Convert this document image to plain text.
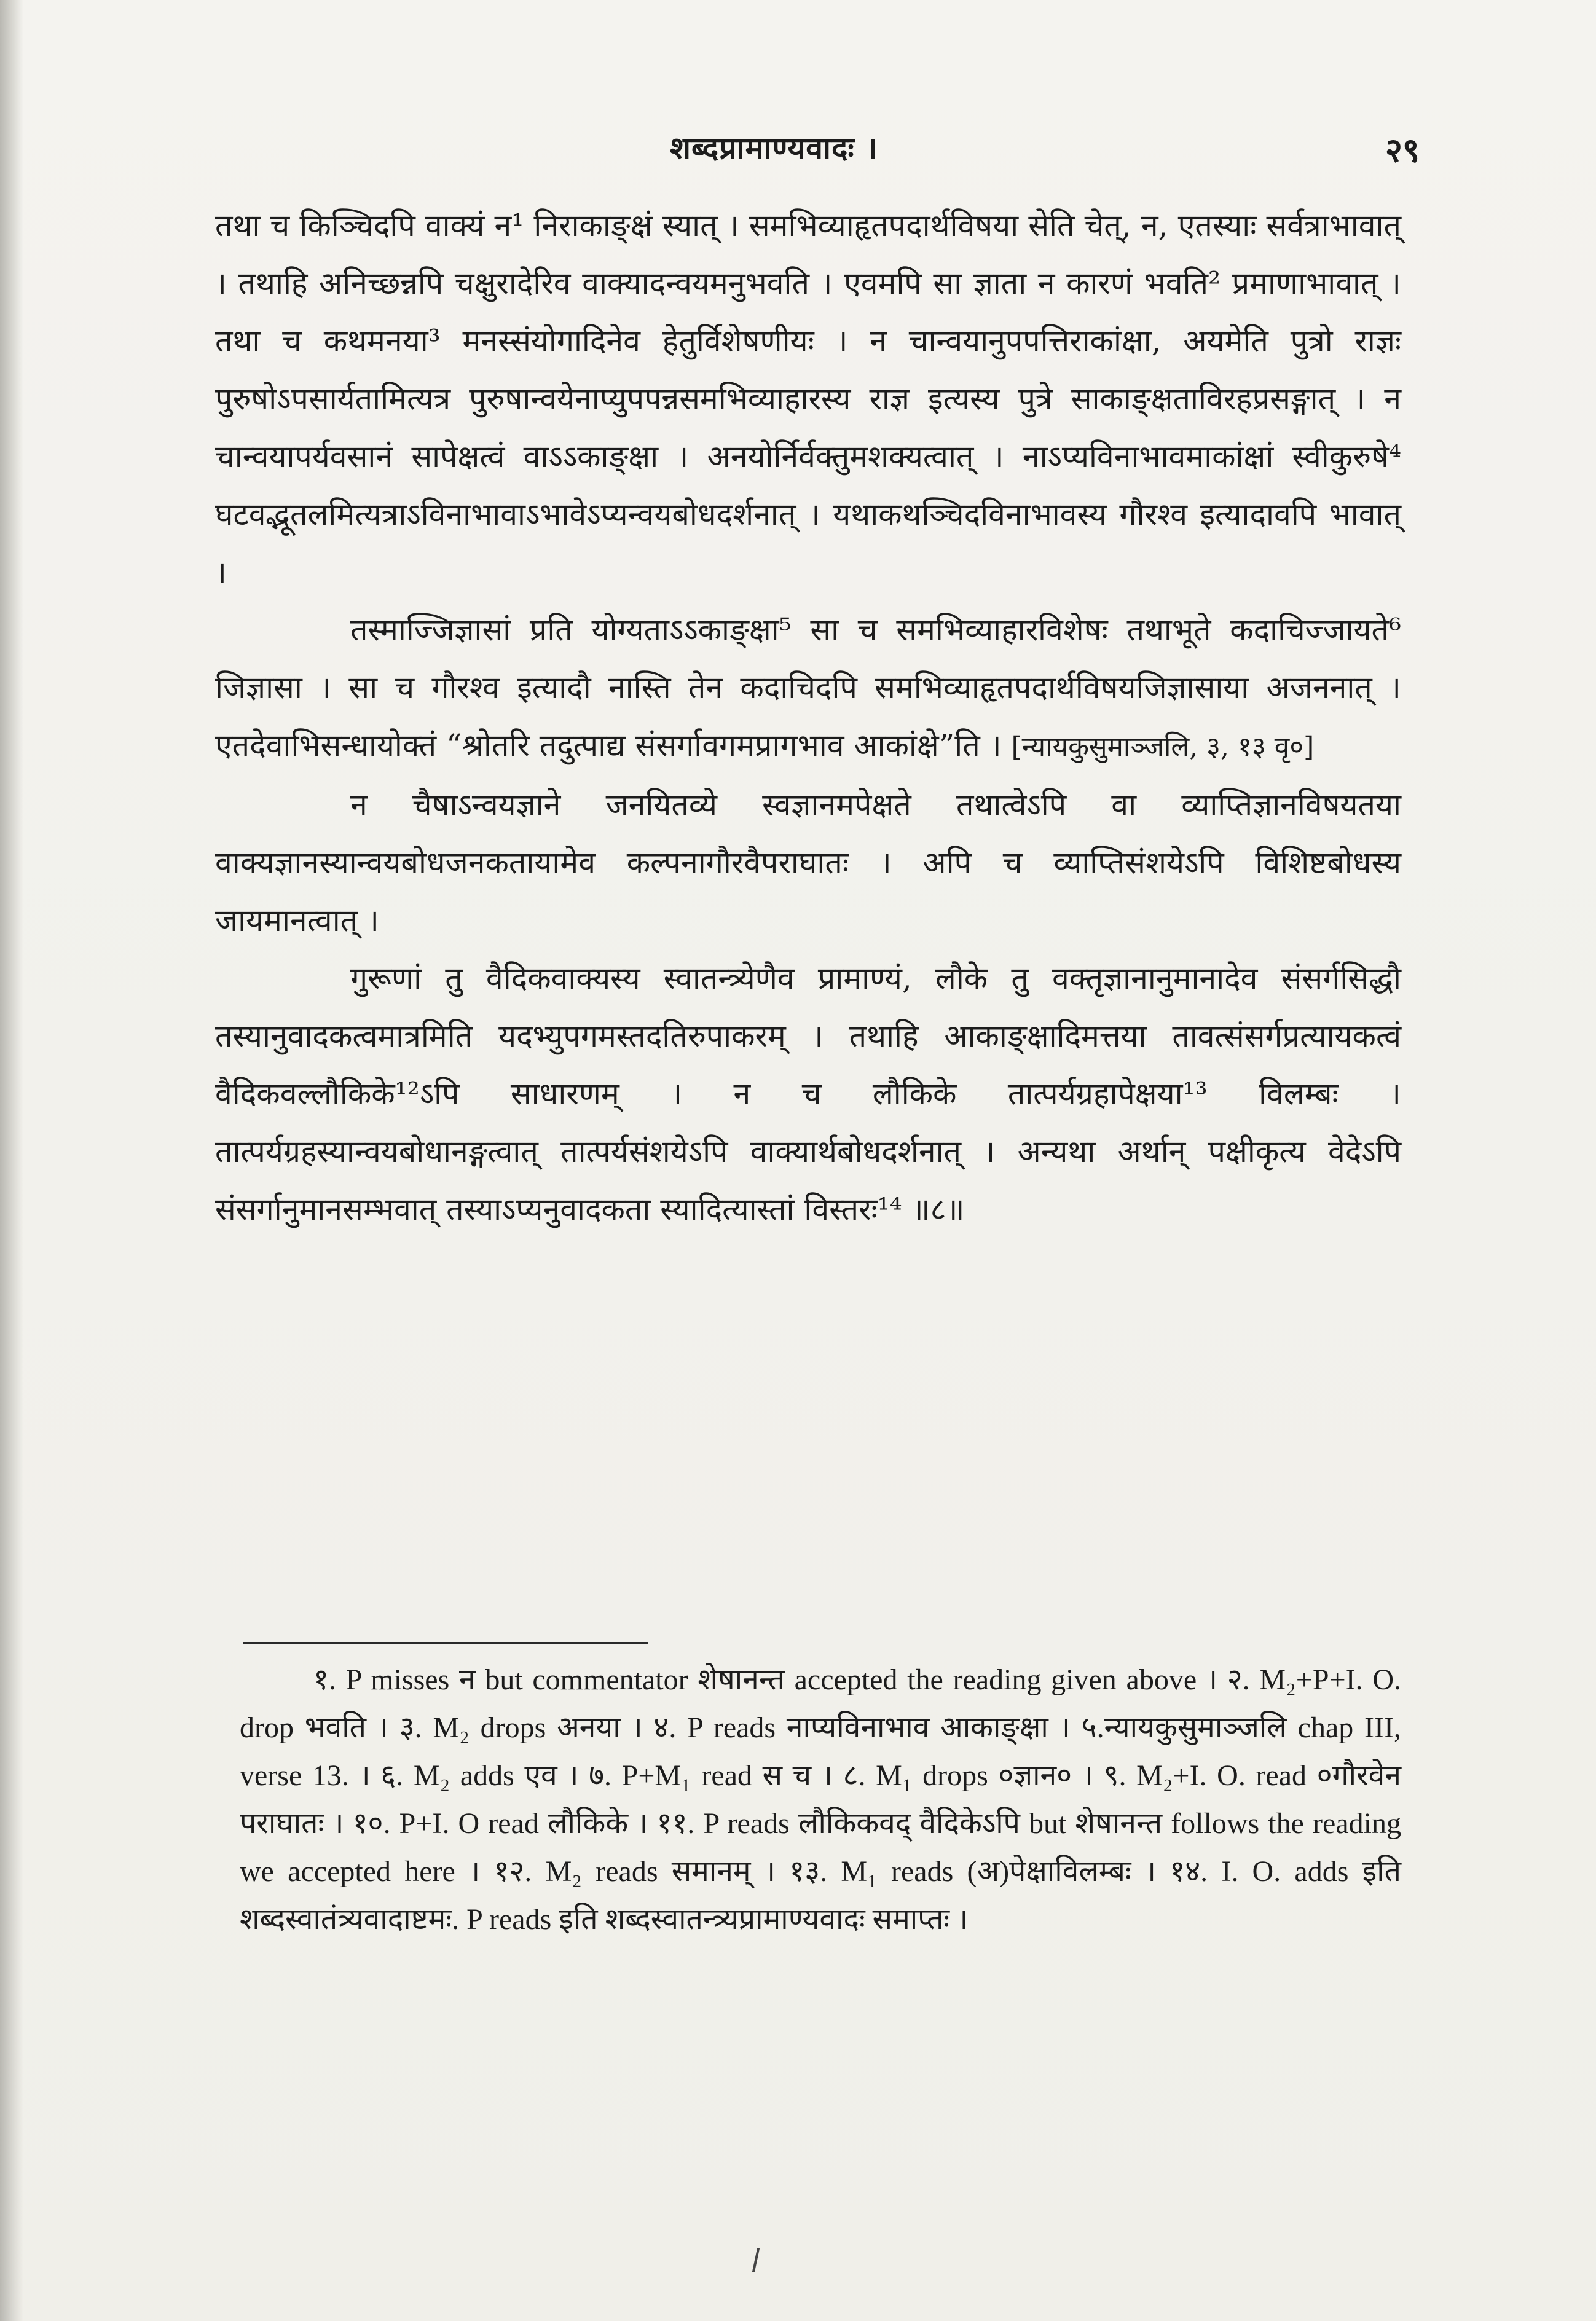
शब्दप्रामाण्यवादः ।	२९

तथा च किञ्चिदपि वाक्यं न¹ निराकाङ्क्षं स्यात् । समभिव्याहृतपदार्थविषया सेति चेत्, न, एतस्याः सर्वत्राभावात् । तथाहि अनिच्छन्नपि चक्षुरादेरिव वाक्यादन्वयमनुभवति । एवमपि सा ज्ञाता न कारणं भवति² प्रमाणाभावात् । तथा च कथमनया³ मनस्संयोगादिनेव हेतुर्विशेषणीयः । न चान्वयानुपपत्तिराकांक्षा, अयमेति पुत्रो राज्ञः पुरुषोऽपसार्यतामित्यत्र पुरुषान्वयेनाप्युपपन्नसमभिव्याहारस्य राज्ञ इत्यस्य पुत्रे साकाङ्क्षताविरहप्रसङ्गात् । न चान्वयापर्यवसानं सापेक्षत्वं वाऽऽकाङ्क्षा । अनयोर्निर्वक्तुमशक्यत्वात् । नाऽप्यविनाभावमाकांक्षां स्वीकुरुषे⁴ घटवद्भूतलमित्यत्राऽविनाभावाऽभावेऽप्यन्वयबोधदर्शनात् । यथाकथञ्चिदविनाभावस्य गौरश्व इत्यादावपि भावात् ।

तस्माज्जिज्ञासां प्रति योग्यताऽऽकाङ्क्षा⁵ सा च समभिव्याहारविशेषः तथाभूते कदाचिज्जायते⁶ जिज्ञासा । सा च गौरश्व इत्यादौ नास्ति तेन कदाचिदपि समभिव्याहृतपदार्थविषयजिज्ञासाया अजननात् । एतदेवाभिसन्धायोक्तं “श्रोतरि तदुत्पाद्य संसर्गावगमप्रागभाव आकांक्षे”ति । [न्यायकुसुमाञ्जलि, ३, १३ वृ०]

न चैषाऽन्वयज्ञाने जनयितव्ये स्वज्ञानमपेक्षते तथात्वेऽपि वा व्याप्तिज्ञानविषयतया वाक्यज्ञानस्यान्वयबोधजनकतायामेव कल्पनागौरवैपराघातः । अपि च व्याप्तिसंशयेऽपि विशिष्टबोधस्य जायमानत्वात् ।

गुरूणां तु वैदिकवाक्यस्य स्वातन्त्र्येणैव प्रामाण्यं, लौके तु वक्तृज्ञानानुमानादेव संसर्गसिद्धौ तस्यानुवादकत्वमात्रमिति यदभ्युपगमस्तदतिरुपाकरम् । तथाहि आकाङ्क्षादिमत्तया तावत्संसर्गप्रत्यायकत्वं वैदिकवल्लौकिके¹²ऽपि साधारणम् । न च लौकिके तात्पर्यग्रहापेक्षया¹³ विलम्बः । तात्पर्यग्रहस्यान्वयबोधानङ्गत्वात् तात्पर्यसंशयेऽपि वाक्यार्थबोधदर्शनात् । अन्यथा अर्थान् पक्षीकृत्य वेदेऽपि संसर्गानुमानसम्भवात् तस्याऽप्यनुवादकता स्यादित्यास्तां विस्तरः¹⁴ ॥८॥

१. P misses न but commentator शेषानन्त accepted the reading given above । २. M₂+P+I. O. drop भवति । ३. M₂ drops अनया । ४. P reads नाप्यविनाभाव आकाङ्क्षा । ५.न्यायकुसुमाञ्जलि chap III, verse 13. । ६. M₂ adds एव । ७. P+M₁ read स च । ८. M₁ drops ०ज्ञान० । ९. M₂+I. O. read ०गौरवेन पराघातः । १०. P+I. O read लौकिके । ११. P reads लौकिकवद् वैदिकेऽपि but शेषानन्त follows the reading we accepted here । १२. M₂ reads समानम् । १३. M₁ reads (अ)पेक्षाविलम्बः । १४. I. O. adds इति शब्दस्वातंत्र्यवादाष्टमः. P reads इति शब्दस्वातन्त्र्यप्रामाण्यवादः समाप्तः ।
